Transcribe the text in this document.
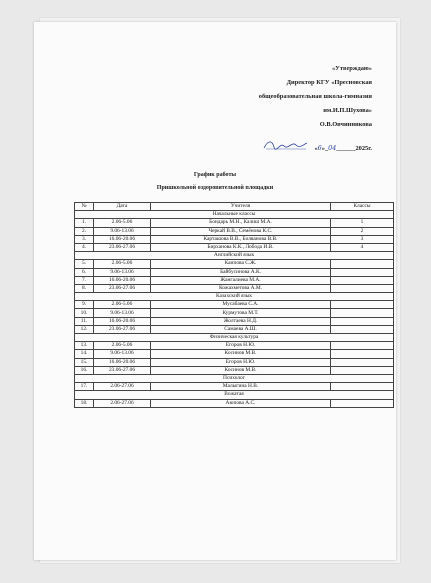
«Утверждаю»
Директор КГУ «Пресновская
общеобразовательная школа-гимназия
им.И.П.Шухова»
О.В.Овчинникова
«6»_04______2025г.
График работы
Пришкольной оздоровительной площадки
№	Дата	Учителя	Классы
Начальные классы			
1.	2.06-5.06	Бондарь М.Н., Калиш М.А.	1
2.	9.06-13.06	Черкай В.В., Семёнова К.С.	2
3.	16.06-20.06	Карташова В.В., Болванова В.В.	3
4.	23.06-27.06	Бирханова К.К., Лобода И.В.	4
Английский язык			
5.	2.06-5.06	Каипова С.Ж.	
6.	9.06-13.06	Байбусинова А.К.	
7.	16.06-20.06	Жангалиева М.А.	
8.	23.06-27.06	Кожахметова А.М.	
Казахский язык			
9.	2.06-5.06	Мусабаева С.А.	
10.	9.06-13.06	Курмутова М.Т.	
11.	16.06-20.06	Жолтаева Н.Д.	
12.	23.06-27.06	Самаева А.Ш.	
Физическая культура			
13.	2.06-5.06	Егоров Н.Ю.	
14.	9.06-13.06	Косинов М.В.	
15.	16.06-20.06	Егоров Н.Ю.	
16.	23.06-27.06	Косинов М.В.	
Психолог			
17.	2.06-27.06	Малыгина Н.В.	
Вожатая			
18.	2.06-27.06	Аюпова А.С.	
